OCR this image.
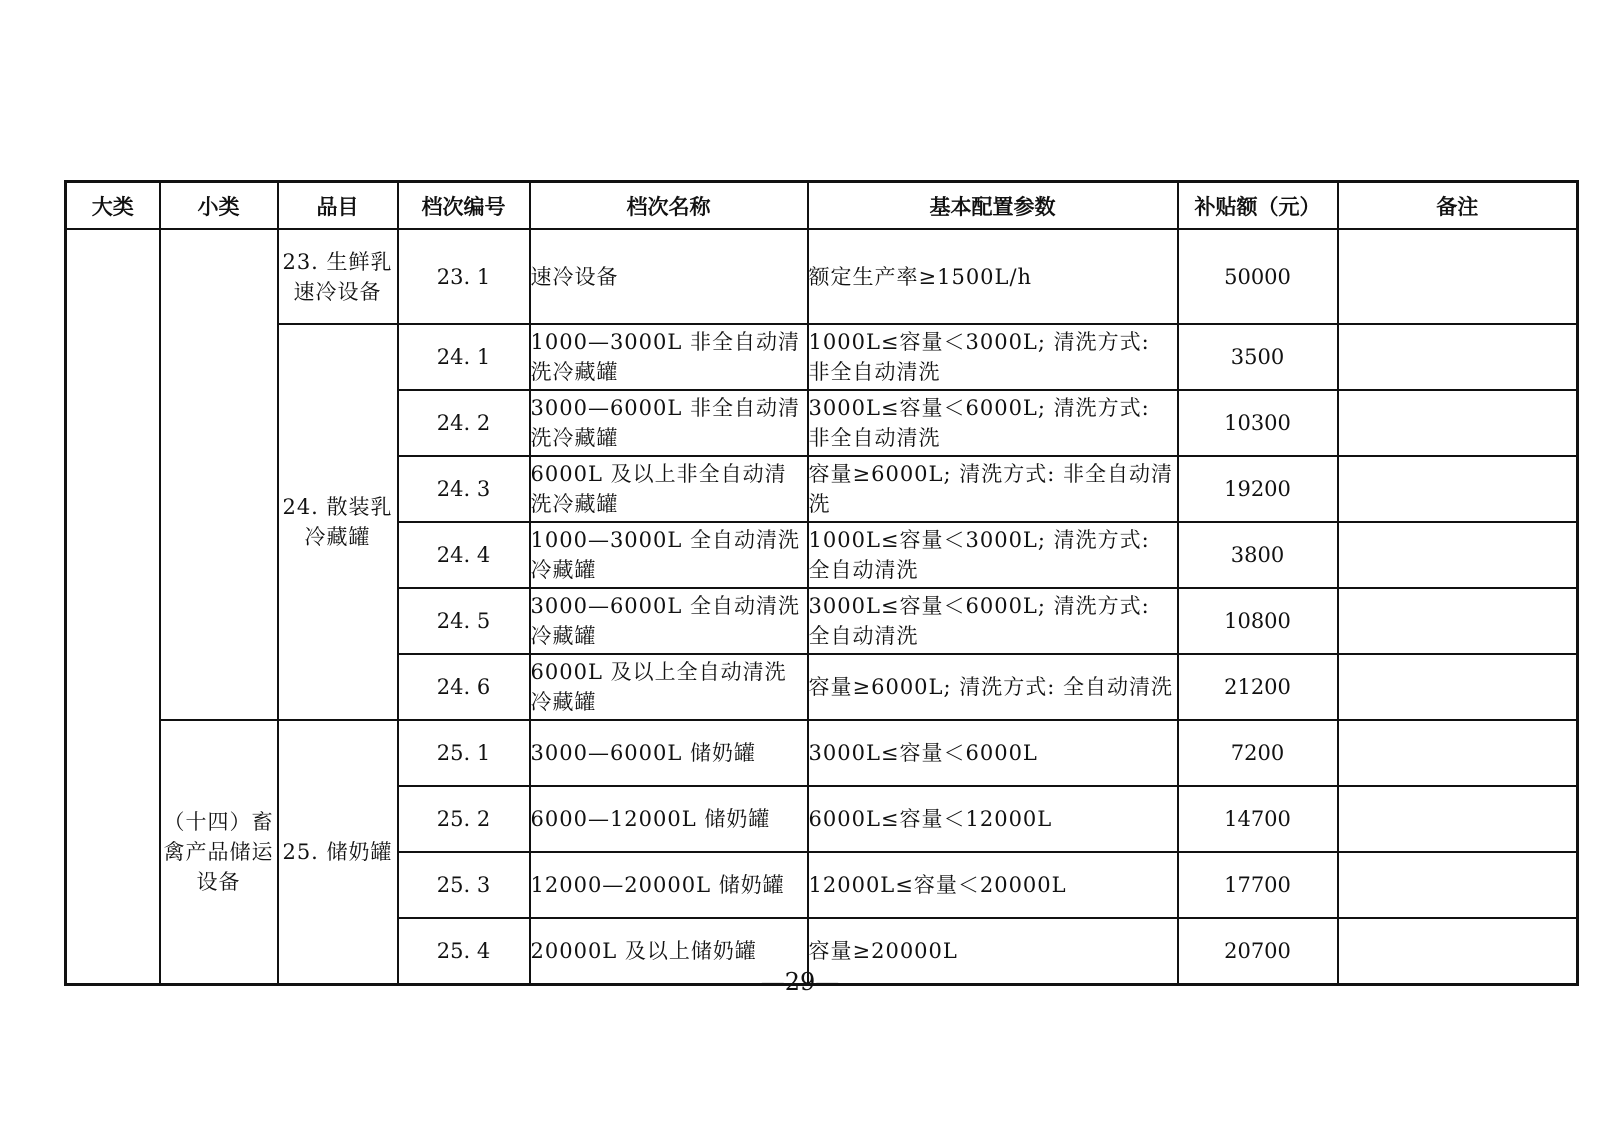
大类	小类	品目	档次编号	档次名称	基本配置参数	补贴额（元）	备注
		23. 生鲜乳速冷设备	23. 1	速冷设备	额定生产率≥1500L/h	50000	
		24. 散装乳冷藏罐	24. 1	1000—3000L 非全自动清洗冷藏罐	1000L≤容量＜3000L; 清洗方式: 非全自动清洗	3500	
			24. 2	3000—6000L 非全自动清洗冷藏罐	3000L≤容量＜6000L; 清洗方式: 非全自动清洗	10300	
			24. 3	6000L 及以上非全自动清洗冷藏罐	容量≥6000L; 清洗方式: 非全自动清洗	19200	
			24. 4	1000—3000L 全自动清洗冷藏罐	1000L≤容量＜3000L; 清洗方式: 全自动清洗	3800	
			24. 5	3000—6000L 全自动清洗冷藏罐	3000L≤容量＜6000L; 清洗方式: 全自动清洗	10800	
			24. 6	6000L 及以上全自动清洗冷藏罐	容量≥6000L; 清洗方式: 全自动清洗	21200	
	（十四）畜禽产品储运设备	25. 储奶罐	25. 1	3000—6000L 储奶罐	3000L≤容量＜6000L	7200	
			25. 2	6000—12000L 储奶罐	6000L≤容量＜12000L	14700	
			25. 3	12000—20000L 储奶罐	12000L≤容量＜20000L	17700	
			25. 4	20000L 及以上储奶罐	容量≥20000L	20700	
—29—
